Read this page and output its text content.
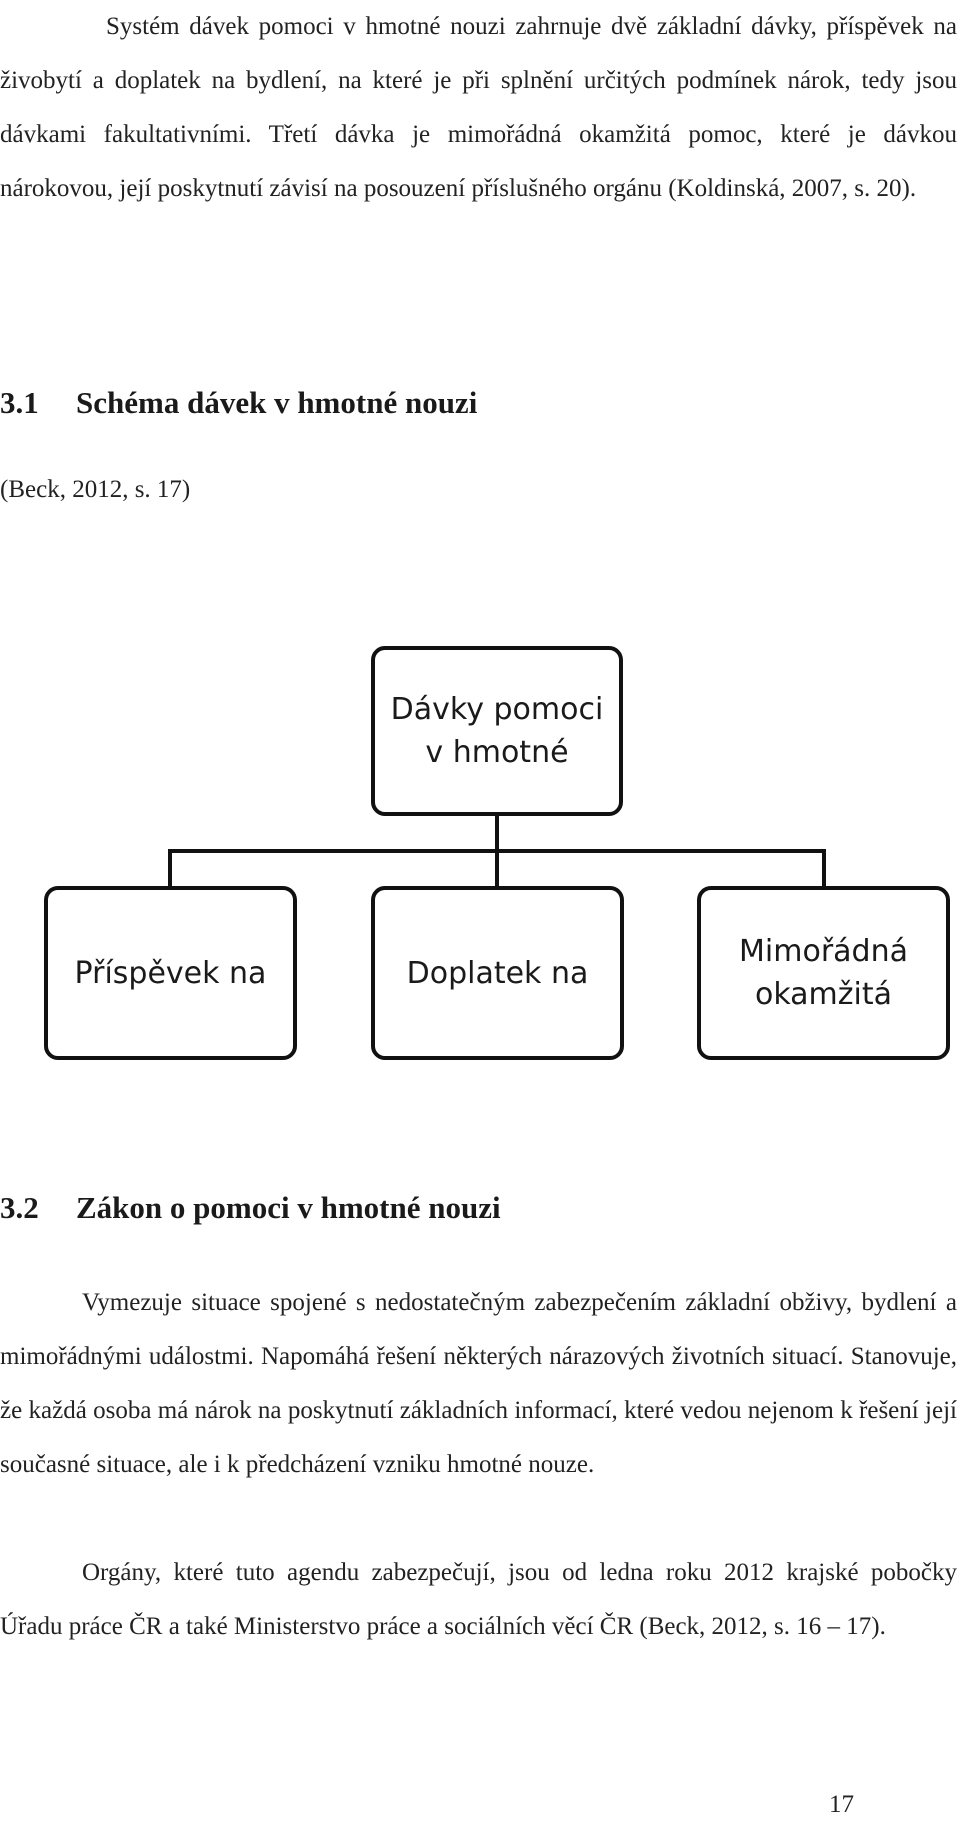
Systém dávek pomoci v hmotné nouzi zahrnuje dvě základní dávky, příspěvek na živobytí a doplatek na bydlení, na které je při splnění určitých podmínek nárok, tedy jsou dávkami fakultativními. Třetí dávka je mimořádná okamžitá pomoc, které je dávkou nárokovou, její poskytnutí závisí na posouzení příslušného orgánu (Koldinská, 2007, s. 20).

3.1 Schéma dávek v hmotné nouzi
(Beck, 2012, s. 17)
Dávky pomoci
v hmotné
Příspěvek na	Doplatek na
Mimořádná
okamžitá
3.2 Zákon o pomoci v hmotné nouzi

Vymezuje situace spojené s nedostatečným zabezpečením základní obživy, bydlení a mimořádnými událostmi. Napomáhá řešení některých nárazových životních situací. Stanovuje, že každá osoba má nárok na poskytnutí základních informací, které vedou nejenom k řešení její současné situace, ale i k předcházení vzniku hmotné nouze.

Orgány, které tuto agendu zabezpečují, jsou od ledna roku 2012 krajské pobočky Úřadu práce ČR a také Ministerstvo práce a sociálních věcí ČR (Beck, 2012, s. 16 – 17).

17
